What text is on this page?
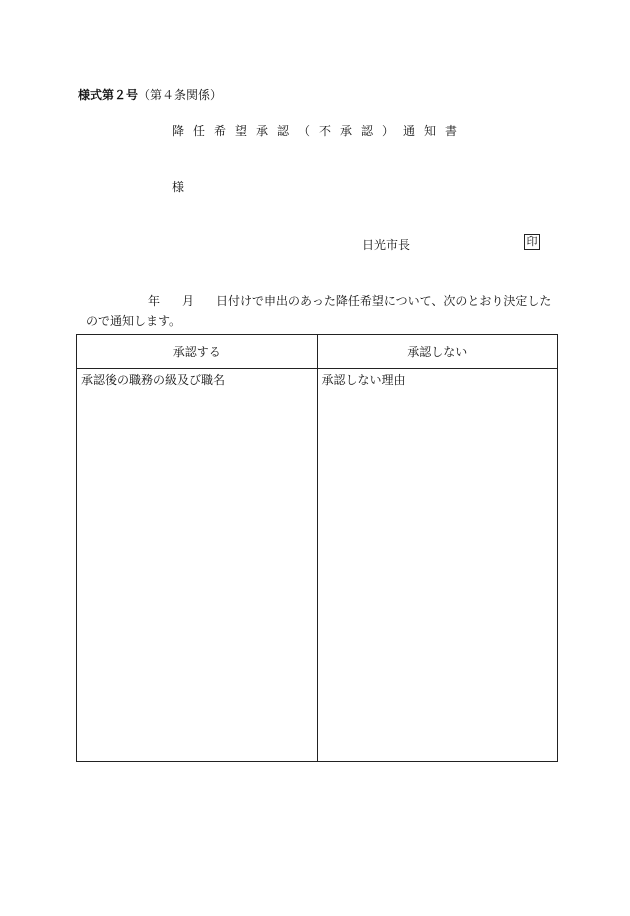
様式第２号（第４条関係）
降任希望承認（不承認）通知書
様
日光市長	印
年 月 日付けで申出のあった降任希望について、次のとおり決定した
ので通知します。
承認する	承認しない
承認後の職務の級及び職名	承認しない理由
